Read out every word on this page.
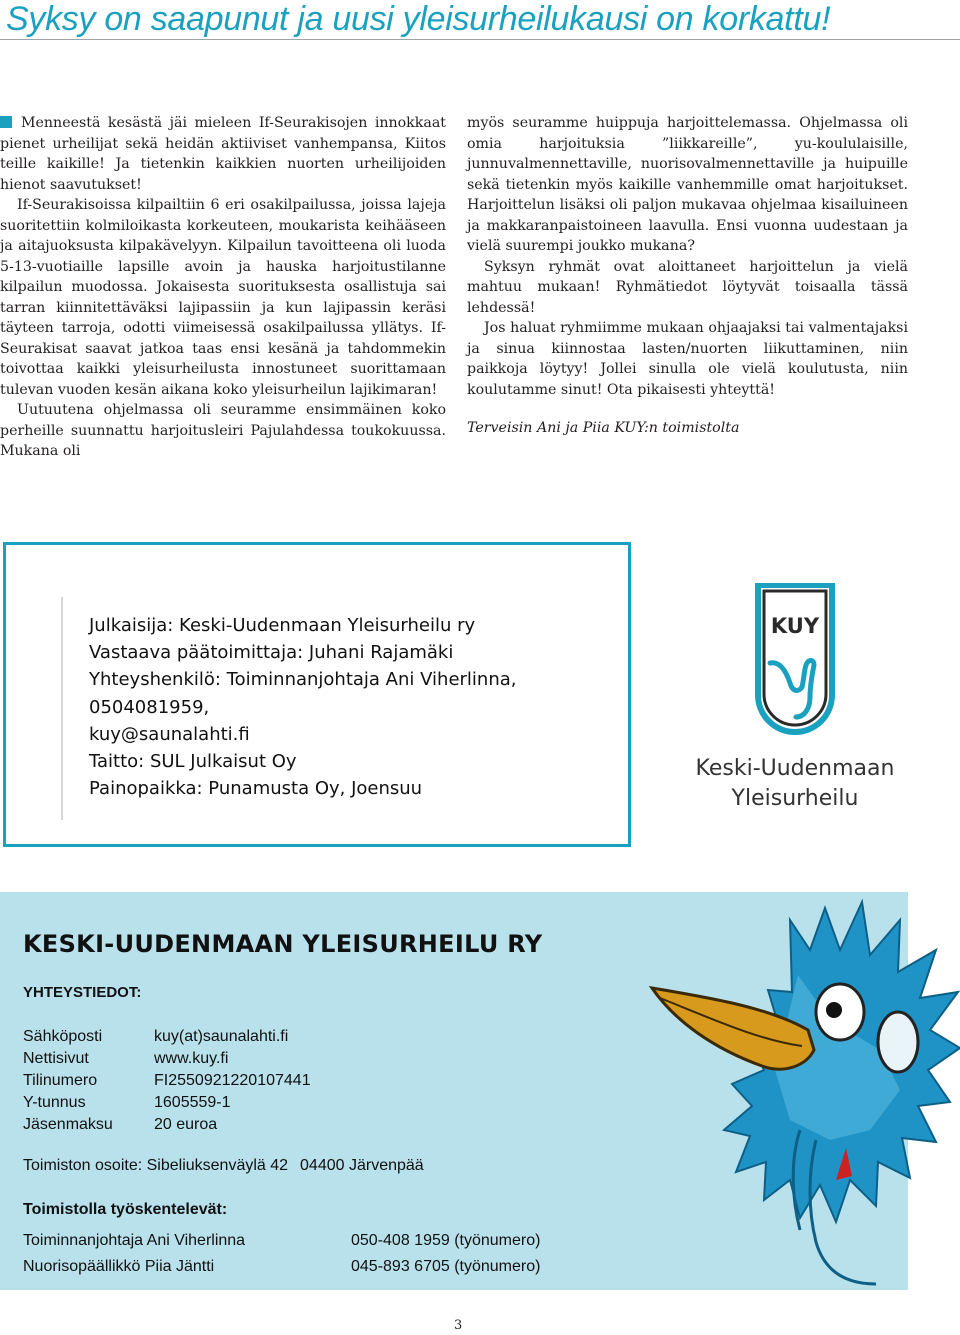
Syksy on saapunut ja uusi yleisurheilukausi on korkattu!

Menneestä kesästä jäi mieleen If-Seurakisojen innokkaat pienet urheilijat sekä heidän aktiiviset vanhempansa, Kiitos teille kaikille! Ja tietenkin kaikkien nuorten urheilijoiden hienot saavutukset!

If-Seurakisoissa kilpailtiin 6 eri osakilpailussa, joissa lajeja suoritettiin kolmiloikasta korkeuteen, moukarista keihääseen ja aitajuoksusta kilpakävelyyn. Kilpailun tavoitteena oli luoda 5-13-vuotiaille lapsille avoin ja hauska harjoitustilanne kilpailun muodossa. Jokaisesta suorituksesta osallistuja sai tarran kiinnitettäväksi lajipassiin ja kun lajipassin keräsi täyteen tarroja, odotti viimeisessä osakilpailussa yllätys. If-Seurakisat saavat jatkoa taas ensi kesänä ja tahdommekin toivottaa kaikki yleisurheilusta innostuneet suorittamaan tulevan vuoden kesän aikana koko yleisurheilun lajikimaran!

Uutuutena ohjelmassa oli seuramme ensimmäinen koko perheille suunnattu harjoitusleiri Pajulahdessa toukokuussa. Mukana oli

myös seuramme huippuja harjoittelemassa. Ohjelmassa oli omia harjoituksia ”liikkareille”, yu-koululaisille, junnuvalmennettaville, nuorisovalmennettaville ja huipuille sekä tietenkin myös kaikille vanhemmille omat harjoitukset. Harjoittelun lisäksi oli paljon mukavaa ohjelmaa kisailuineen ja makkaranpaistoineen laavulla. Ensi vuonna uudestaan ja vielä suurempi joukko mukana?

Syksyn ryhmät ovat aloittaneet harjoittelun ja vielä mahtuu mukaan! Ryhmätiedot löytyvät toisaalla tässä lehdessä!

Jos haluat ryhmiimme mukaan ohjaajaksi tai valmentajaksi ja sinua kiinnostaa lasten/nuorten liikuttaminen, niin paikkoja löytyy! Jollei sinulla ole vielä koulutusta, niin koulutamme sinut! Ota pikaisesti yhteyttä!

Terveisin Ani ja Piia KUY:n toimistolta

Julkaisija: Keski-Uudenmaan Yleisurheilu ry
Vastaava päätoimittaja: Juhani Rajamäki
Yhteyshenkilö: Toiminnanjohtaja Ani Viherlinna,
0504081959,
kuy@saunalahti.fi
Taitto: SUL Julkaisut Oy
Painopaikka: Punamusta Oy, Joensuu
KUY
Keski-Uudenmaan
Yleisurheilu
KESKI-UUDENMAAN YLEISURHEILU RY
YHTEYSTIEDOT:
Sähköposti	kuy(at)saunalahti.fi
Nettisivut	www.kuy.fi
Tilinumero	FI2550921220107441
Y-tunnus	1605559-1
Jäsenmaksu	20 euroa
Toimiston osoite: Sibeliuksenväylä 42 04400 Järvenpää
Toimistolla työskentelevät:
Toiminnanjohtaja Ani Viherlinna	050-408 1959 (työnumero)
Nuorisopäällikkö Piia Jäntti	045-893 6705 (työnumero)
3
